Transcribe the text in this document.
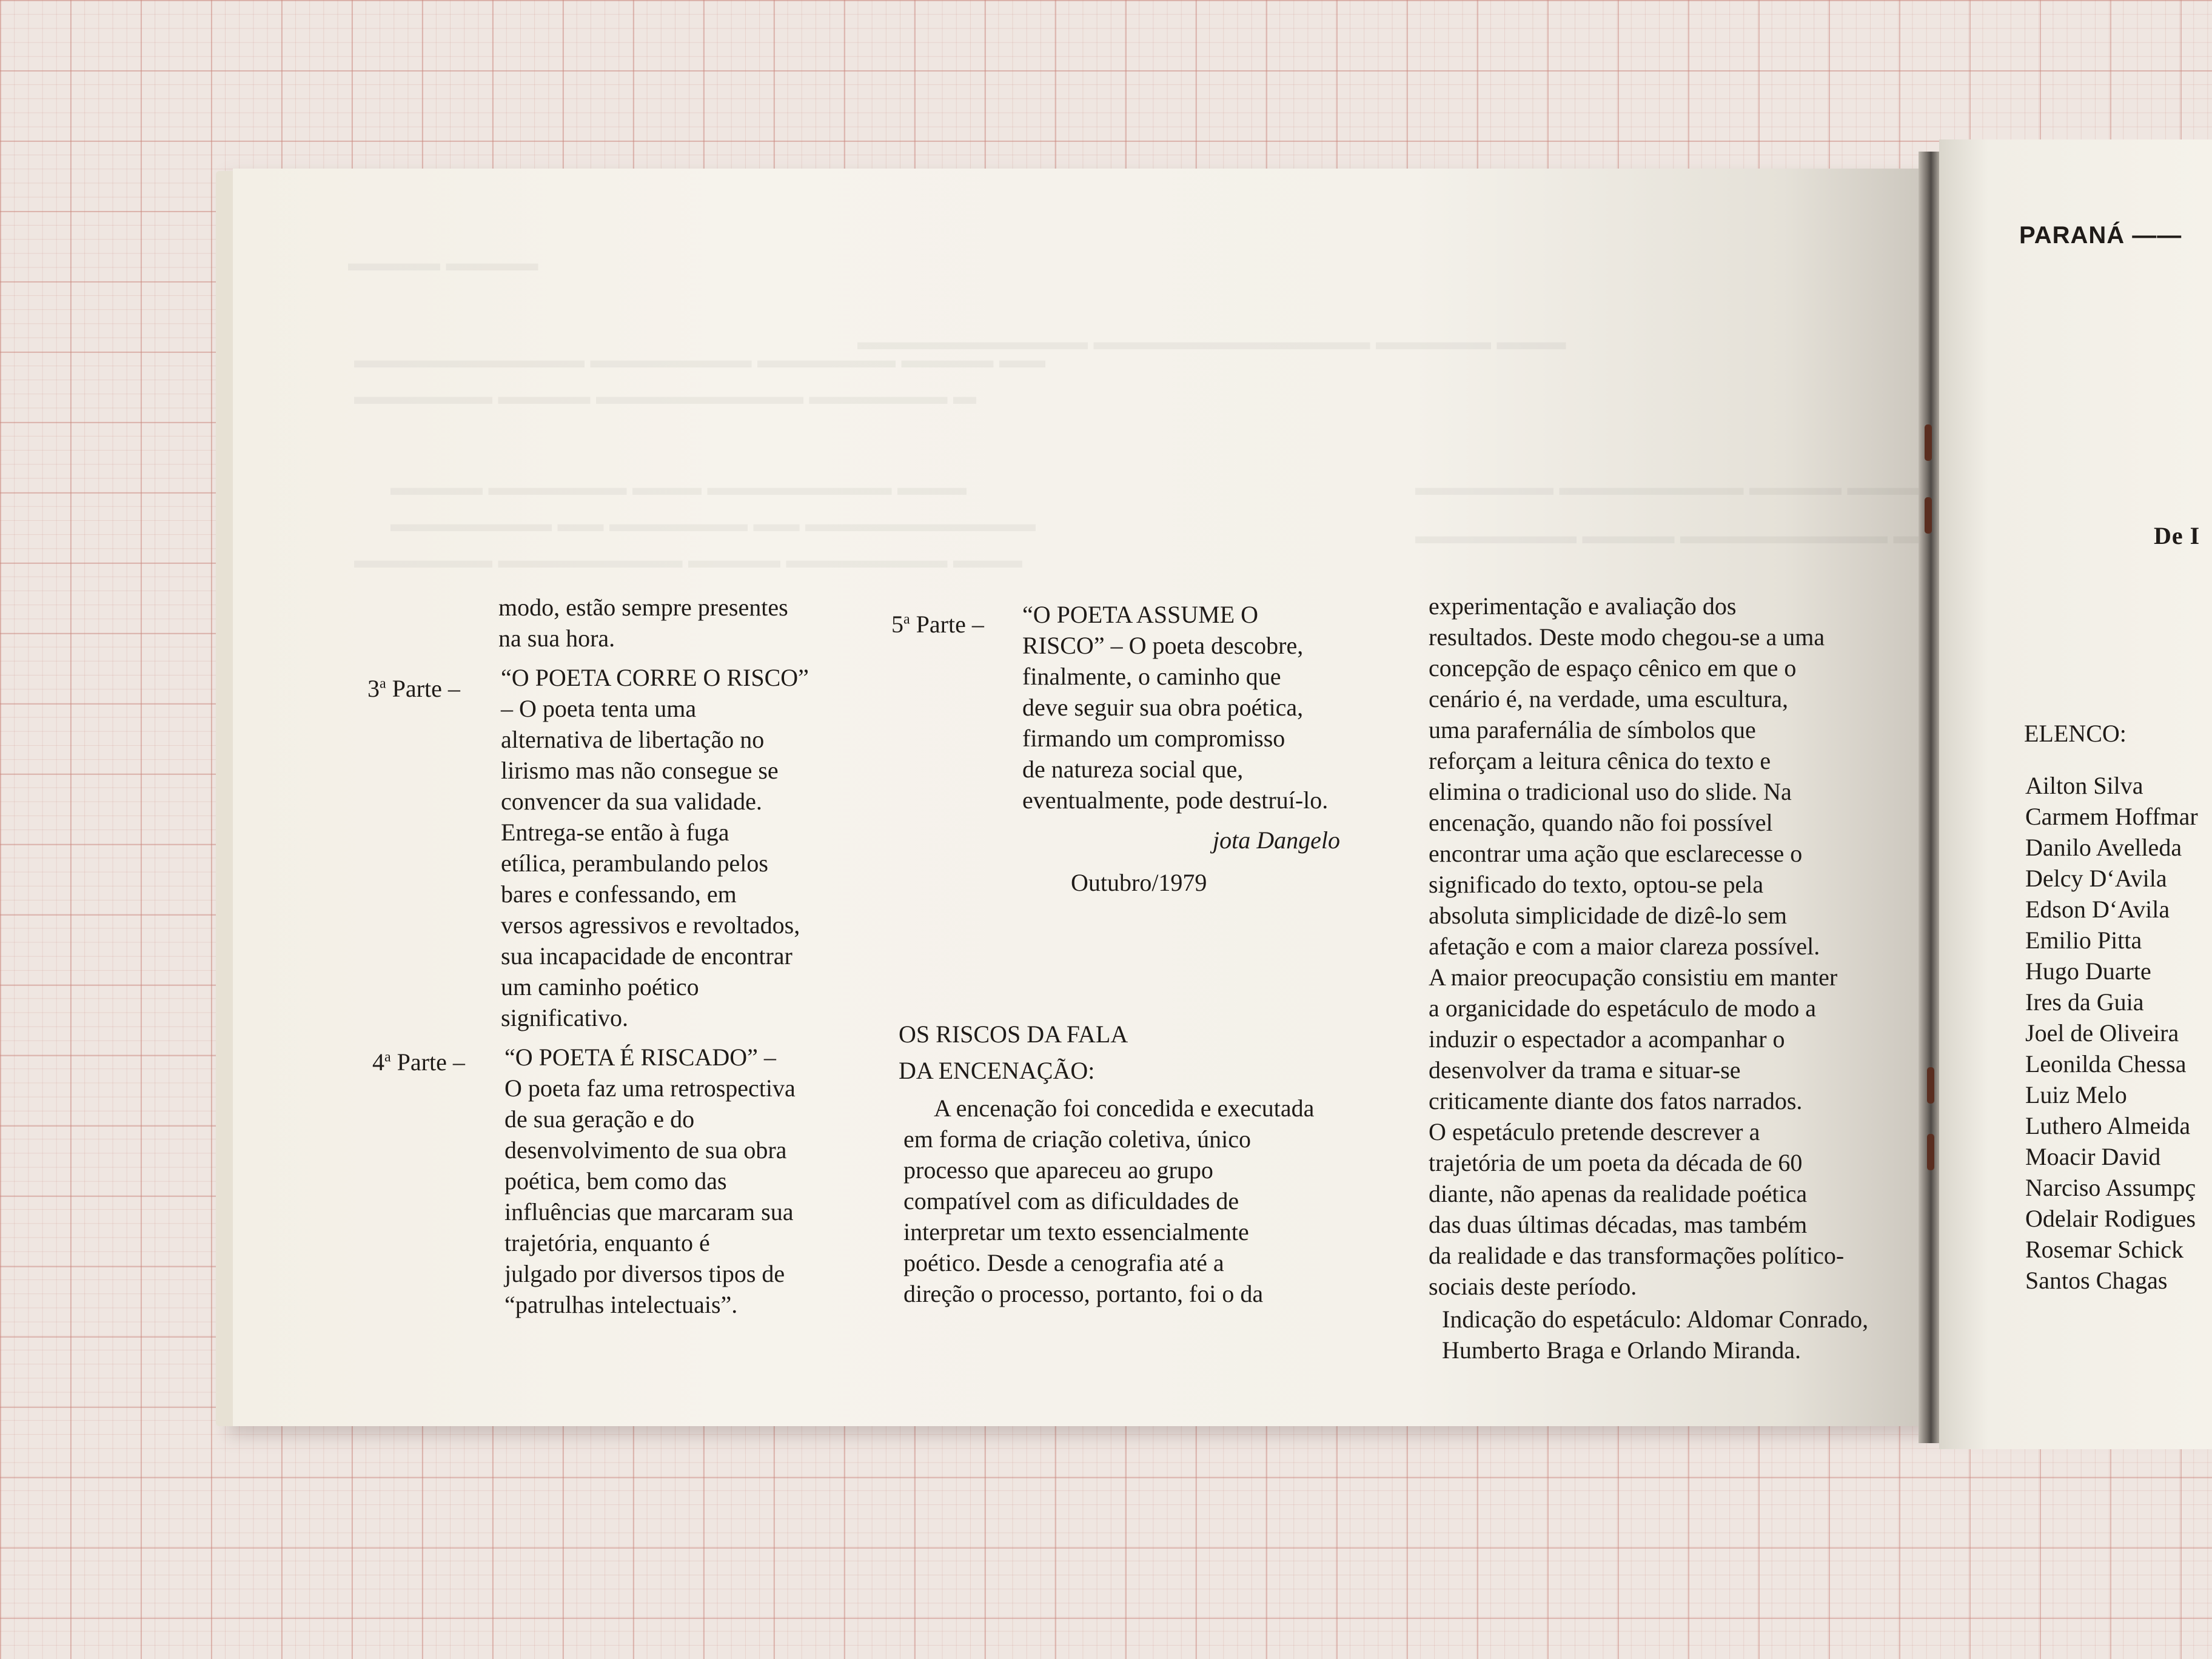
modo, estão sempre presentes
na sua hora.
3$^a$ Parte – “O POETA CORRE O RISCO”
– O poeta tenta uma
alternativa de libertação no
lirismo mas não consegue se
convencer da sua validade.
Entrega-se então à fuga
etílica, perambulando pelos
bares e confessando, em
versos agressivos e revoltados,
sua incapacidade de encontrar
um caminho poético
significativo.
4$^a$ Parte – “O POETA É RISCADO” –
O poeta faz uma retrospectiva
de sua geração e do
desenvolvimento de sua obra
poética, bem como das
influências que marcaram sua
trajetória, enquanto é
julgado por diversos tipos de
“patrulhas intelectuais”.
5$^a$ Parte – “O POETA ASSUME O
RISCO” – O poeta descobre,
finalmente, o caminho que
deve seguir sua obra poética,
firmando um compromisso
de natureza social que,
eventualmente, pode destruí-lo.
jota Dangelo
Outubro/1979
OS RISCOS DA FALA
DA ENCENAÇÃO:
A encenação foi concedida e executada
em forma de criação coletiva, único
processo que apareceu ao grupo
compatível com as dificuldades de
interpretar um texto essencialmente
poético. Desde a cenografia até a
direção o processo, portanto, foi o da
experimentação e avaliação dos
resultados. Deste modo chegou-se a uma
concepção de espaço cênico em que o
cenário é, na verdade, uma escultura,
uma parafernália de símbolos que
reforçam a leitura cênica do texto e
elimina o tradicional uso do slide. Na
encenação, quando não foi possível
encontrar uma ação que esclarecesse o
significado do texto, optou-se pela
absoluta simplicidade de dizê-lo sem
afetação e com a maior clareza possível.
A maior preocupação consistiu em manter
a organicidade do espetáculo de modo a
induzir o espectador a acompanhar o
desenvolver da trama e situar-se
criticamente diante dos fatos narrados.
O espetáculo pretende descrever a
trajetória de um poeta da década de 60
diante, não apenas da realidade poética
das duas últimas décadas, mas também
da realidade e das transformações político-
sociais deste período.
Indicação do espetáculo: Aldomar Conrado,
Humberto Braga e Orlando Miranda.
PARANÁ ——
De I
ELENCO:
Ailton Silva
Carmem Hoffmar
Danilo Avelleda
Delcy D‘Avila
Edson D‘Avila
Emilio Pitta
Hugo Duarte
Ires da Guia
Joel de Oliveira
Leonilda Chessa
Luiz Melo
Luthero Almeida
Moacir David
Narciso Assumpç
Odelair Rodigues
Rosemar Schick
Santos Chagas
